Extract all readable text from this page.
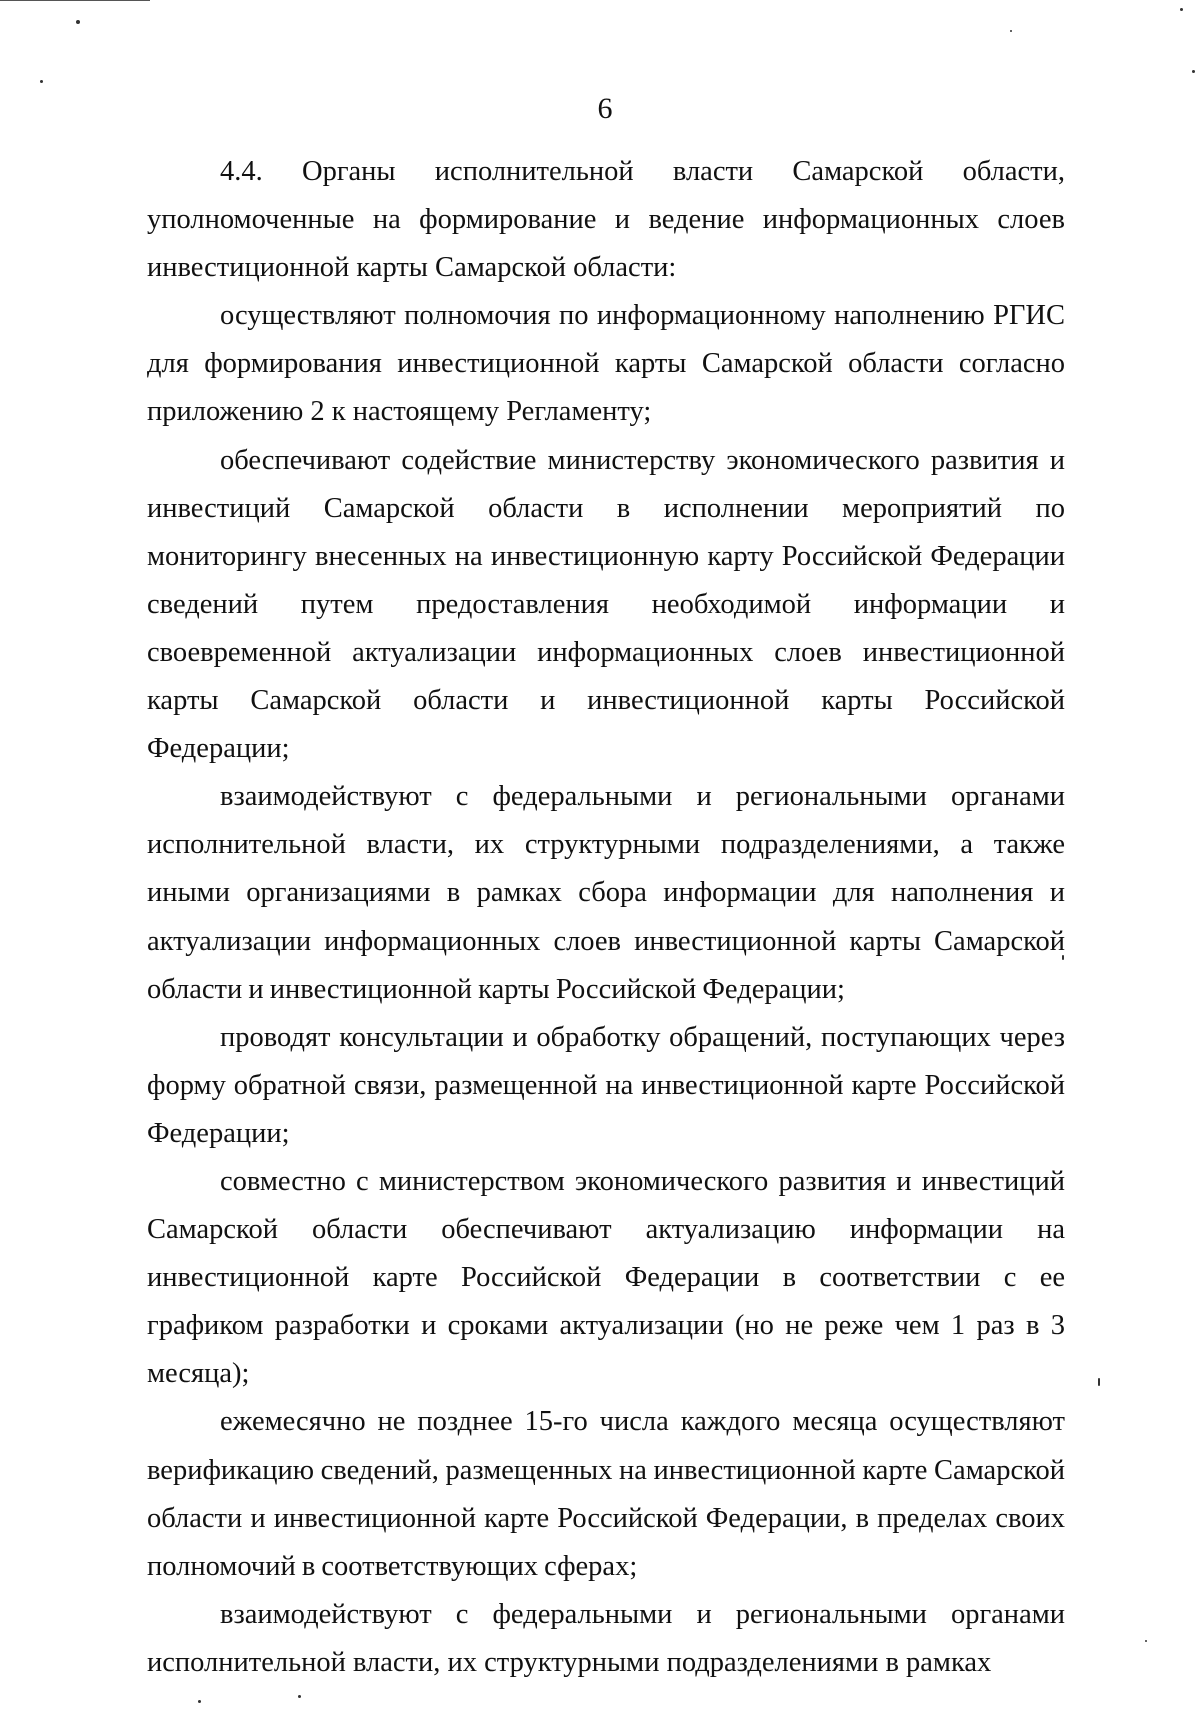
6

4.4. Органы исполнительной власти Самарской области, уполномоченные на формирование и ведение информационных слоев инвестиционной карты Самарской области:

осуществляют полномочия по информационному наполнению РГИС для формирования инвестиционной карты Самарской области согласно приложению 2 к настоящему Регламенту;

обеспечивают содействие министерству экономического развития и инвестиций Самарской области в исполнении мероприятий по мониторингу внесенных на инвестиционную карту Российской Федерации сведений путем предоставления необходимой информации и своевременной актуализации информационных слоев инвестиционной карты Самарской области и инвестиционной карты Российской Федерации;

взаимодействуют с федеральными и региональными органами исполнительной власти, их структурными подразделениями, а также иными организациями в рамках сбора информации для наполнения и актуализации информационных слоев инвестиционной карты Самарской области и инвестиционной карты Российской Федерации;

проводят консультации и обработку обращений, поступающих через форму обратной связи, размещенной на инвестиционной карте Российской Федерации;

совместно с министерством экономического развития и инвестиций Самарской области обеспечивают актуализацию информации на инвестиционной карте Российской Федерации в соответствии с ее графиком разработки и сроками актуализации (но не реже чем 1 раз в 3 месяца);

ежемесячно не позднее 15-го числа каждого месяца осуществляют верификацию сведений, размещенных на инвестиционной карте Самарской области и инвестиционной карте Российской Федерации, в пределах своих полномочий в соответствующих сферах;

взаимодействуют с федеральными и региональными органами исполнительной власти, их структурными подразделениями в рамках
